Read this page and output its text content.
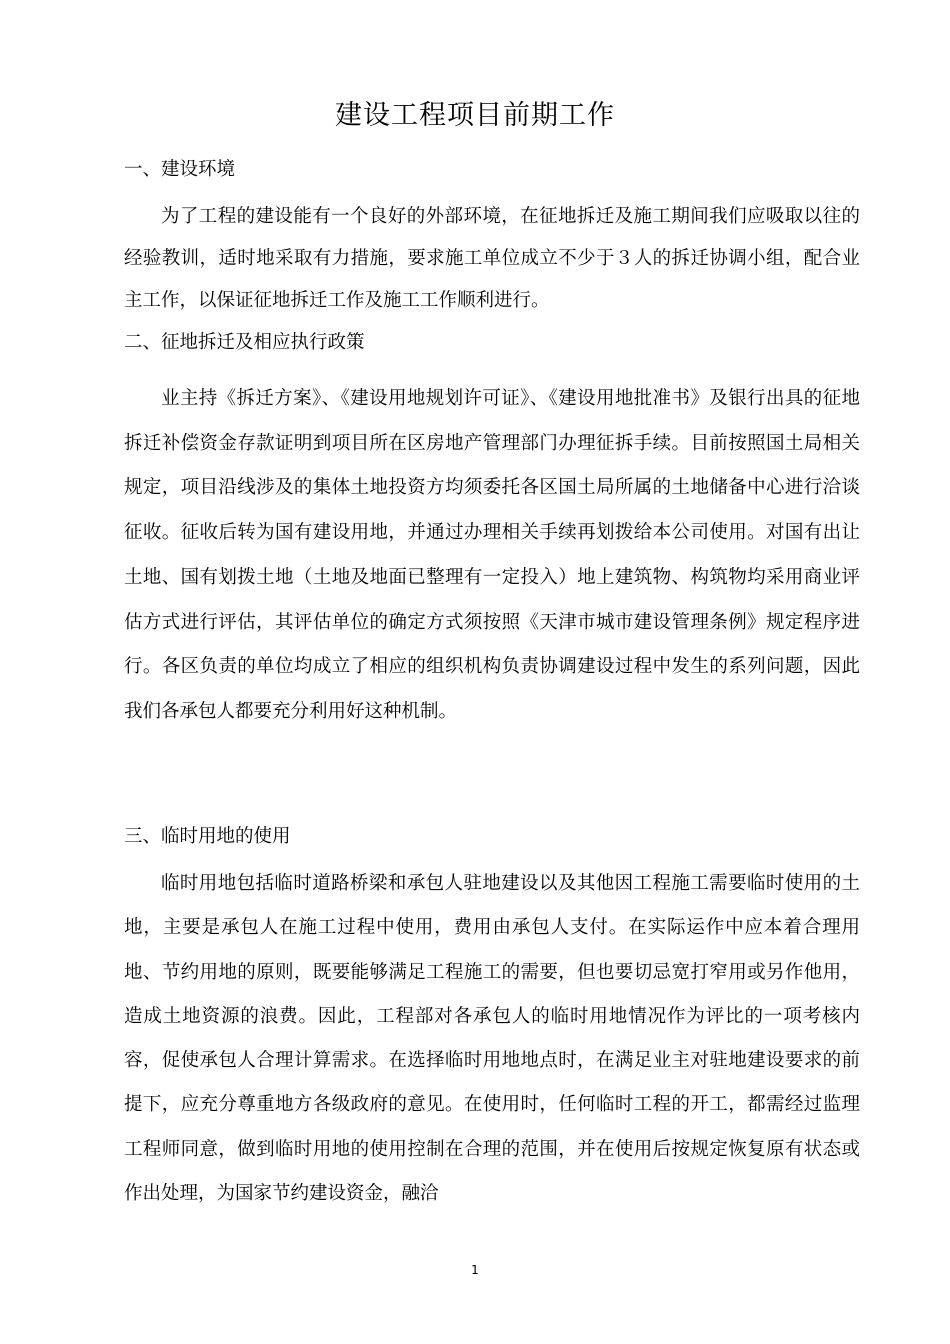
建设工程项目前期工作
一、建设环境

为了工程的建设能有一个良好的外部环境，在征地拆迁及施工期间我们应吸取以往的经验教训，适时地采取有力措施，要求施工单位成立不少于３人的拆迁协调小组，配合业主工作，以保证征地拆迁工作及施工工作顺利进行。

二、征地拆迁及相应执行政策

业主持《拆迁方案》、《建设用地规划许可证》、《建设用地批准书》及银行出具的征地拆迁补偿资金存款证明到项目所在区房地产管理部门办理征拆手续。目前按照国土局相关规定，项目沿线涉及的集体土地投资方均须委托各区国土局所属的土地储备中心进行洽谈征收。征收后转为国有建设用地，并通过办理相关手续再划拨给本公司使用。对国有出让土地、国有划拨土地（土地及地面已整理有一定投入）地上建筑物、构筑物均采用商业评估方式进行评估，其评估单位的确定方式须按照《天津市城市建设管理条例》规定程序进行。各区负责的单位均成立了相应的组织机构负责协调建设过程中发生的系列问题，因此我们各承包人都要充分利用好这种机制。

三、临时用地的使用

临时用地包括临时道路桥梁和承包人驻地建设以及其他因工程施工需要临时使用的土地，主要是承包人在施工过程中使用，费用由承包人支付。在实际运作中应本着合理用地、节约用地的原则，既要能够满足工程施工的需要，但也要切忌宽打窄用或另作他用，造成土地资源的浪费。因此，工程部对各承包人的临时用地情况作为评比的一项考核内容，促使承包人合理计算需求。在选择临时用地地点时，在满足业主对驻地建设要求的前提下，应充分尊重地方各级政府的意见。在使用时，任何临时工程的开工，都需经过监理工程师同意，做到临时用地的使用控制在合理的范围，并在使用后按规定恢复原有状态或作出处理，为国家节约建设资金，融洽

1
